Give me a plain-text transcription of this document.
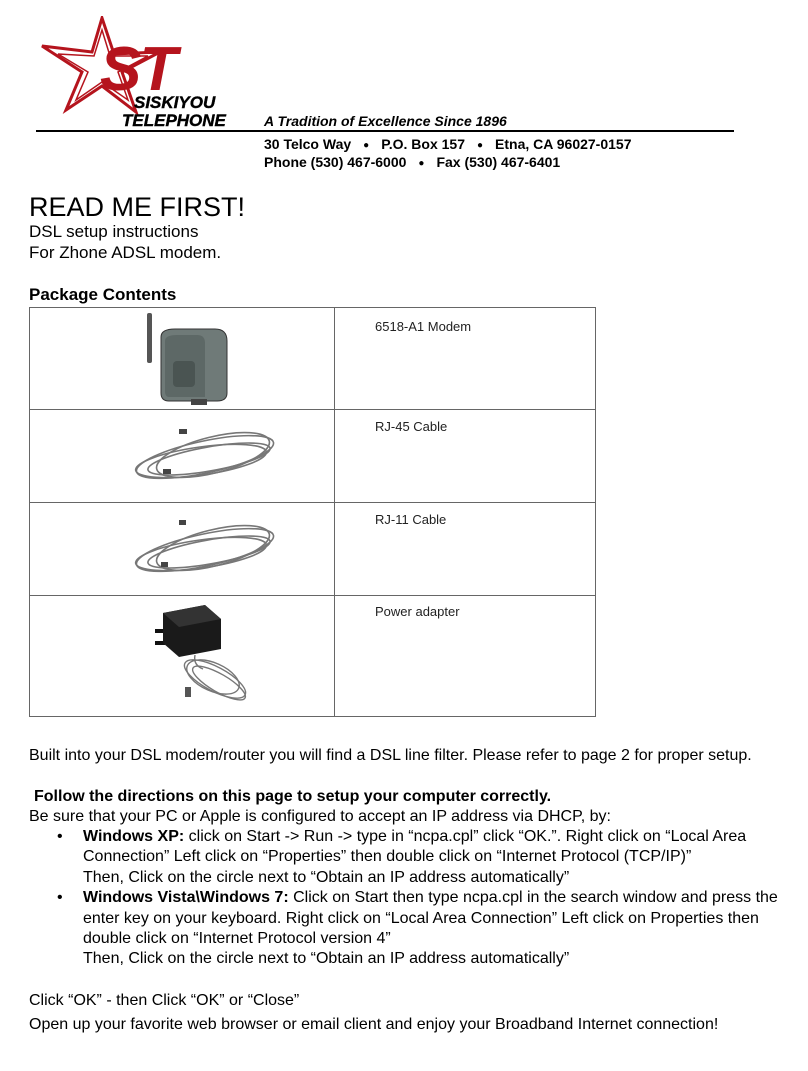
ST
SISKIYOU
TELEPHONE	A Tradition of Excellence Since 1896
30 Telco Way ● P.O. Box 157 ● Etna, CA 96027-0157
Phone (530) 467-6000 ● Fax (530) 467-6401
READ ME FIRST!
DSL setup instructions
For Zhone ADSL modem.
Package Contents
6518-A1 Modem
RJ-45 Cable
RJ-11 Cable
Power adapter
Built into your DSL modem/router you will find a DSL line filter. Please refer to page 2 for proper setup.
Follow the directions on this page to setup your computer correctly.
Be sure that your PC or Apple is configured to accept an IP address via DHCP, by:
• Windows XP: click on Start -> Run -> type in “ncpa.cpl” click “OK.”. Right click on “Local Area Connection” Left click on “Properties” then double click on “Internet Protocol (TCP/IP)”
Then, Click on the circle next to “Obtain an IP address automatically”
• Windows Vista\Windows 7: Click on Start then type ncpa.cpl in the search window and press the enter key on your keyboard. Right click on “Local Area Connection” Left click on Properties then double click on “Internet Protocol version 4”
Then, Click on the circle next to “Obtain an IP address automatically”
Click “OK” - then Click “OK” or “Close”
Open up your favorite web browser or email client and enjoy your Broadband Internet connection!
